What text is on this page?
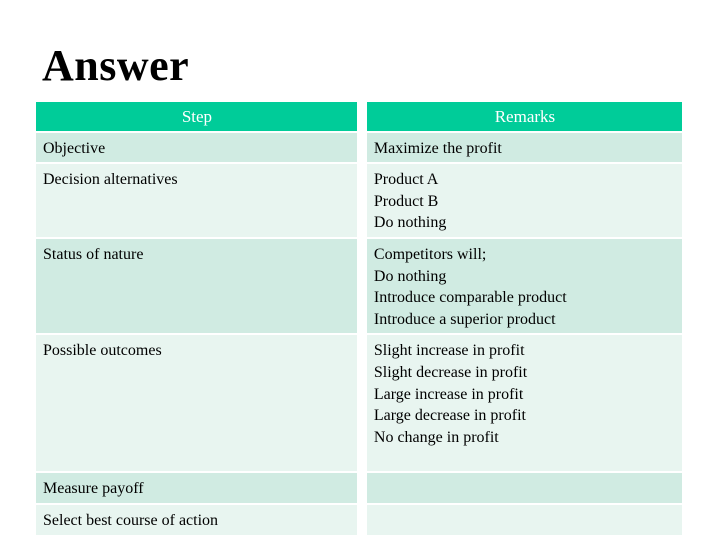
Answer
Step	Remarks
Objective	Maximize the profit

Decision alternatives	Product A
Product B
Do nothing

Status of nature	Competitors will;
Do nothing
Introduce comparable product
Introduce a superior product

Possible outcomes	Slight increase in profit
Slight decrease in profit
Large increase in profit
Large decrease in profit
No change in profit

Measure payoff	
Select best course of action	
